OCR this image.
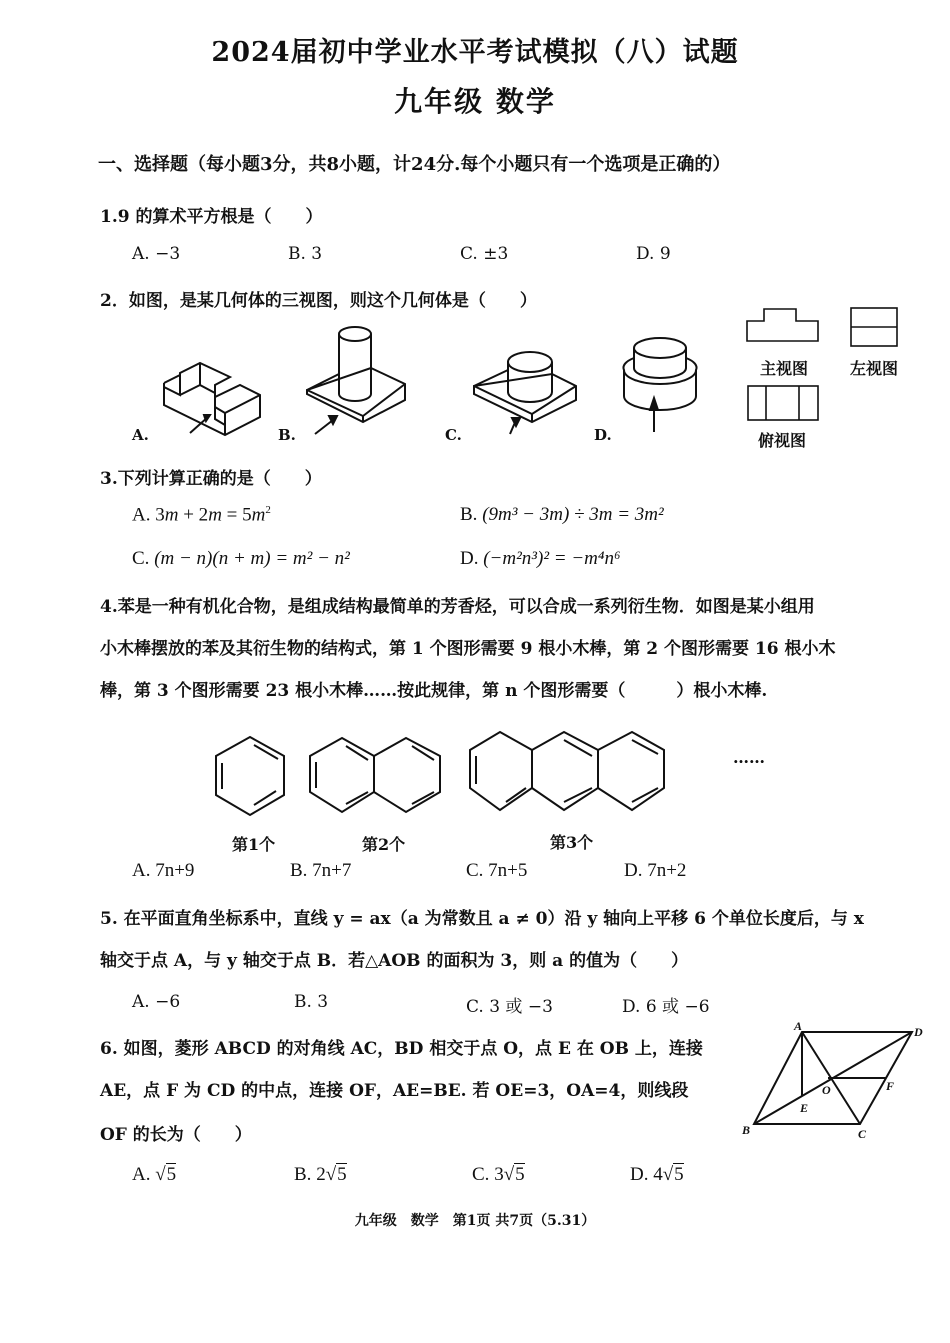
2024届初中学业水平考试模拟（八）试题
九年级 数学
一、选择题（每小题3分，共8小题，计24分.每个小题只有一个选项是正确的）
1.9 的算术平方根是（　　）
A. −3	B. 3	C. ±3	D. 9
2．如图，是某几何体的三视图，则这个几何体是（　　）
A.	B.	C.	D.
主视图	左视图
俯视图
3.下列计算正确的是（　　）
A. $3m + 2m = 5m^2$	B. (9m³ − 3m) ÷ 3m = 3m²
C. (m − n)(n + m) = m² − n²	D. (−m²n³)² = −m⁴n⁶
4.苯是一种有机化合物，是组成结构最简单的芳香烃，可以合成一系列衍生物．如图是某小组用
小木棒摆放的苯及其衍生物的结构式，第 1 个图形需要 9 根小木棒，第 2 个图形需要 16 根小木
棒，第 3 个图形需要 23 根小木棒……按此规律，第 n 个图形需要（　　　）根小木棒.
……
第1个	第2个	第3个
A. 7n+9	B. 7n+7	C. 7n+5	D. 7n+2
5. 在平面直角坐标系中，直线 y = ax（a 为常数且 a ≠ 0）沿 y 轴向上平移 6 个单位长度后，与 x
轴交于点 A，与 y 轴交于点 B．若△AOB 的面积为 3，则 a 的值为（　　）
A. −6	B. 3	C. 3 或 −3	D. 6 或 −6
6. 如图，菱形 ABCD 的对角线 AC，BD 相交于点 O，点 E 在 OB 上，连接
AE，点 F 为 CD 的中点，连接 OF，AE=BE. 若 OE=3，OA=4，则线段
OF 的长为（　　）
A	D
O	F
E
B	C
A. √5	B. 2√5	C. 3√5	D. 4√5
九年级　数学　第1页 共7页（5.31）
